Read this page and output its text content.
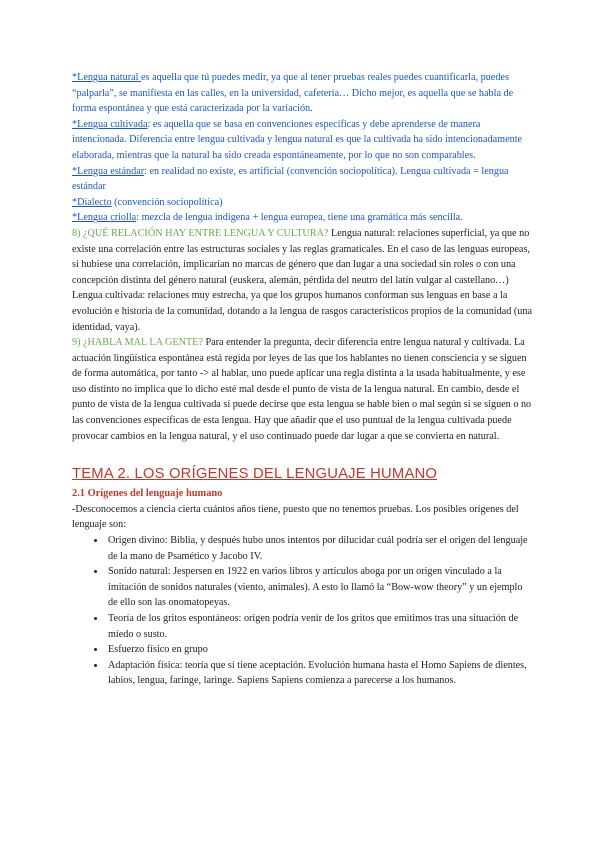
*Lengua natural es aquella que tú puedes medir, ya que al tener pruebas reales puedes cuantificarla, puedes “palparla”, se manifiesta en las calles, en la universidad, cafetería… Dicho mejor, es aquella que se habla de forma espontánea y que está caracterizada por la variación.

*Lengua cultivada: es aquella que se basa en convenciones específicas y debe aprenderse de manera intencionada. Diferencia entre lengua cultivada y lengua natural es que la cultivada ha sido intencionadamente elaborada, mientras que la natural ha sido creada espontáneamente, por lo que no son comparables.

*Lengua estándar: en realidad no existe, es artificial (convención sociopolítica). Lengua cultivada = lengua estándar

*Dialecto (convención sociopolítica)

*Lengua criolla: mezcla de lengua indígena + lengua europea, tiene una gramática más sencilla.

8) ¿QUÉ RELACIÓN HAY ENTRE LENGUA Y CULTURA? Lengua natural: relaciones superficial, ya que no existe una correlación entre las estructuras sociales y las reglas gramaticales. En el caso de las lenguas europeas, si hubiese una correlación, implicarían no marcas de género que dan lugar a una sociedad sin roles o con una concepción distinta del género natural (euskera, alemán, pérdida del neutro del latín vulgar al castellano…)

Lengua cultivada: relaciones muy estrecha, ya que los grupos humanos conforman sus lenguas en base a la evolución e historia de la comunidad, dotando a la lengua de rasgos característicos propios de la comunidad (una identidad, vaya).

9) ¿HABLA MAL LA GENTE? Para entender la pregunta, decir diferencia entre lengua natural y cultivada. La actuación lingüística espontánea está regida por leyes de las que los hablantes no tienen consciencia y se siguen de forma automática, por tanto -> al hablar, uno puede aplicar una regla distinta a la usada habitualmente, y ese uso distinto no implica que lo dicho esté mal desde el punto de vista de la lengua natural. En cambio, desde el punto de vista de la lengua cultivada sí puede decirse que esta lengua se hable bien o mal según si se siguen o no las convenciones específicas de esta lengua. Hay que añadir que el uso puntual de la lengua cultivada puede provocar cambios en la lengua natural, y el uso continuado puede dar lugar a que se convierta en natural.

TEMA 2. LOS ORÍGENES DEL LENGUAJE HUMANO

2.1 Orígenes del lenguaje humano

-Desconocemos a ciencia cierta cuántos años tiene, puesto que no tenemos pruebas. Los posibles orígenes del lenguaje son:

• Origen divino: Biblia, y después hubo unos intentos por dilucidar cuál podría ser el origen del lenguaje de la mano de Psamético y Jacobo IV.
• Sonido natural: Jespersen en 1922 en varios libros y artículos aboga por un origen vinculado a la imitación de sonidos naturales (viento, animales). A esto lo llamó la “Bow-wow theory” y un ejemplo de ello son las onomatopeyas.
• Teoría de los gritos espontáneos: origen podría venir de los gritos que emitimos tras una situación de miedo o susto.
• Esfuerzo físico en grupo
• Adaptación física: teoría que sí tiene aceptación. Evolución humana hasta el Homo Sapiens de dientes, labios, lengua, faringe, laringe. Sapiens Sapiens comienza a parecerse a los humanos.
